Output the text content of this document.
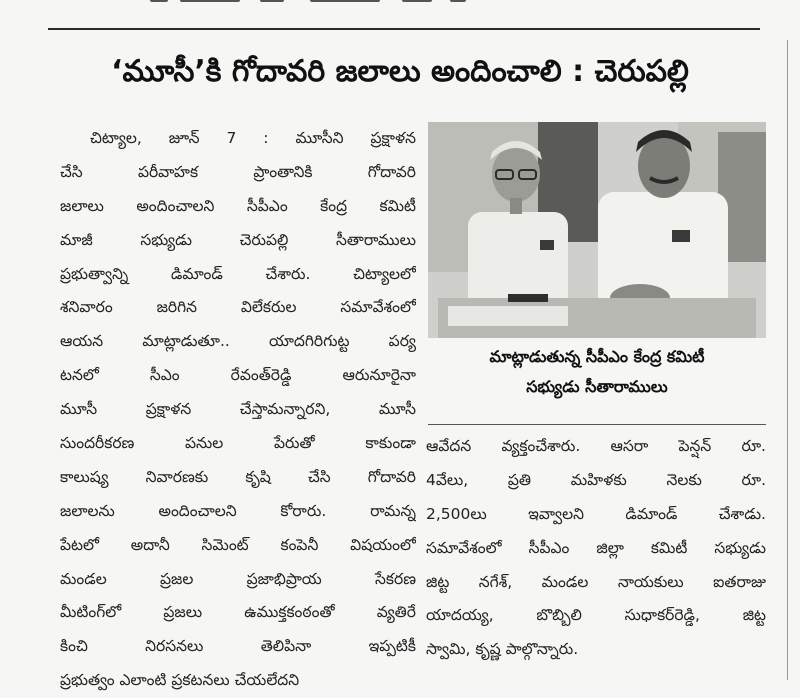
‘మూసీ’కి గోదావరి జలాలు అందించాలి : చెరుపల్లి
చిట్యాల, జూన్ 7 : మూసీని ప్రక్షాళన
చేసి పరీవాహక ప్రాంతానికి గోదావరి
జలాలు అందించాలని సీపీఎం కేంద్ర కమిటీ
మాజీ సభ్యుడు చెరుపల్లి సీతారాములు
ప్రభుత్వాన్ని డిమాండ్ చేశారు. చిట్యాలలో
శనివారం జరిగిన విలేకరుల సమావేశంలో
ఆయన మాట్లాడుతూ.. యాదగిరిగుట్ట పర్య
టనలో సీఎం రేవంత్‌రెడ్డి ఆరునూరైనా
మూసీ ప్రక్షాళన చేస్తామన్నారని, మూసీ
సుందరీకరణ పనుల పేరుతో కాకుండా
కాలుష్య నివారణకు కృషి చేసి గోదావరి
జలాలను అందించాలని కోరారు. రామన్న
పేటలో అదానీ సిమెంట్ కంపెనీ విషయంలో
మండల ప్రజల ప్రజాభిప్రాయ సేకరణ
మీటింగ్‌లో ప్రజలు ఉముక్తకంఠంతో వ్యతిరే
కించి నిరసనలు తెలిపినా ఇప్పటికీ
ప్రభుత్వం ఎలాంటి ప్రకటనలు చేయలేదని
మాట్లాడుతున్న సీపీఎం కేంద్ర కమిటీ
సభ్యుడు సీతారాములు
ఆవేదన వ్యక్తంచేశారు. ఆసరా పెన్షన్ రూ.
4వేలు, ప్రతి మహిళకు నెలకు రూ.
2,500లు ఇవ్వాలని డిమాండ్ చేశాడు.
సమావేశంలో సీపీఎం జిల్లా కమిటీ సభ్యుడు
జిట్ట నగేశ్, మండల నాయకులు ఐతరాజు
యాదయ్య, బొబ్బిలి సుధాకర్‌రెడ్డి, జిట్ట
స్వామి, కృష్ణ పాల్గొన్నారు.
